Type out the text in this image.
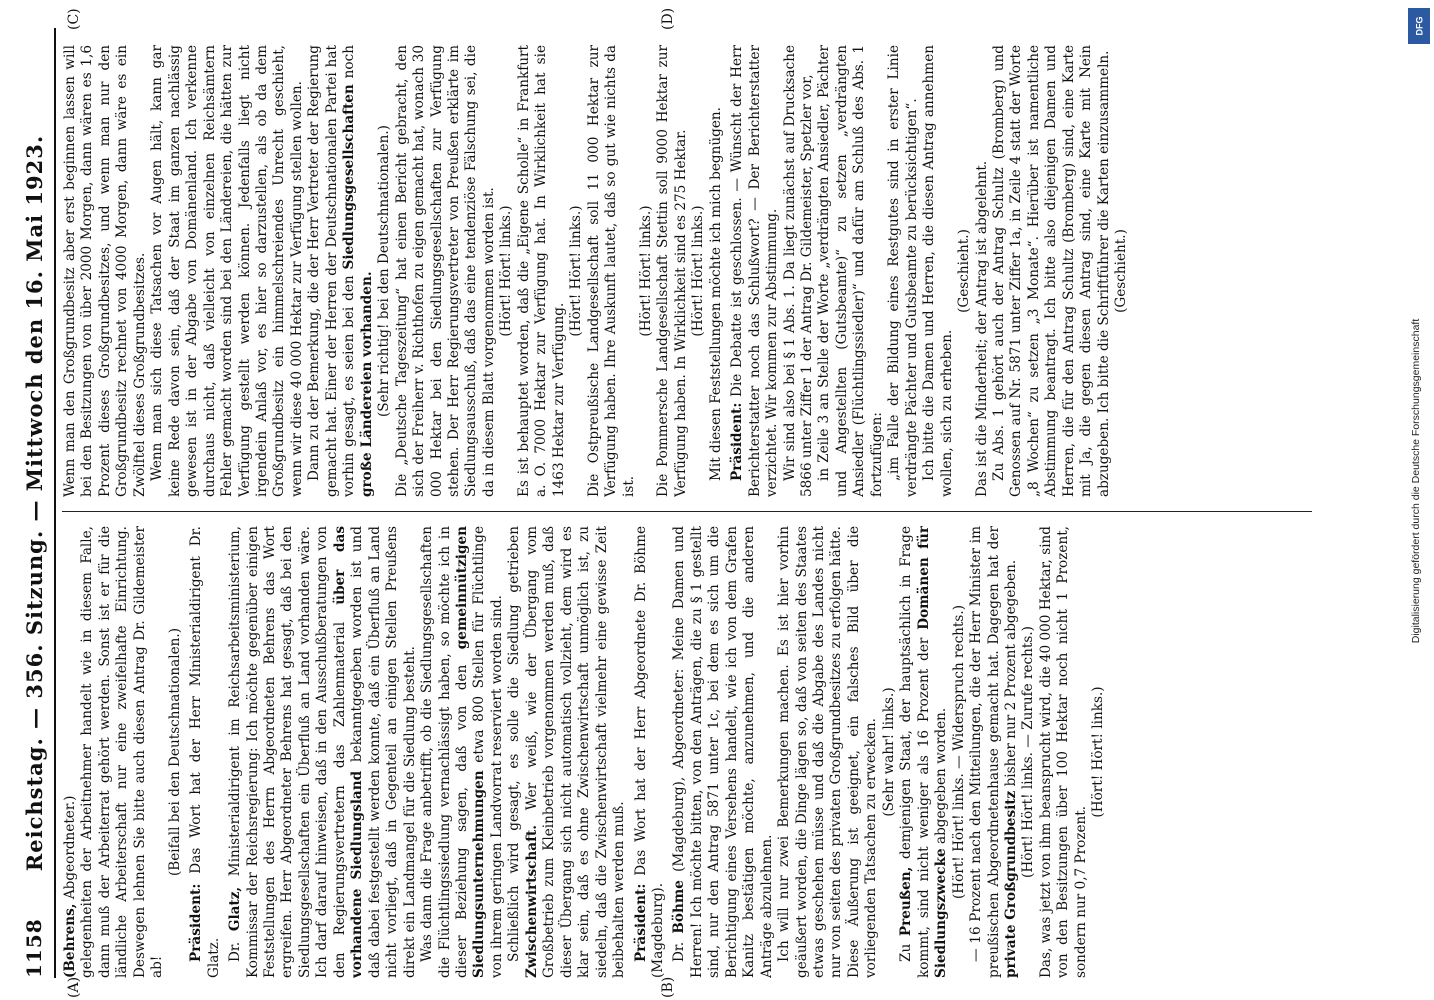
1158
Reichstag. — 356. Sitzung. — Mittwoch den 16. Mai 1923.

(Behrens, Abgeordneter.) gelegenheiten der Arbeitnehmer handelt wie in diesem Falle, dann muß der Arbeiterrat gehört werden. Sonst ist er für die ländliche Arbeiterschaft nur eine zweifelhafte Einrichtung. Deswegen lehnen Sie bitte auch diesen Antrag Dr. Gildemeister ab!

(Beifall bei den Deutschnationalen.)

Präsident: Das Wort hat der Herr Ministerialdirigent Dr. Glatz. Dr. Glatz, Ministerialdirigent im Reichsarbeitsministerium, Kommissar der Reichsregierung: Ich möchte gegenüber einigen Feststellungen des Herrn Abgeordneten Behrens das Wort ergreifen. Herr Abgeordneter Behrens hat gesagt, daß bei den Siedlungsgesellschaften ein Überfluß an Land vorhanden wäre. Ich darf darauf hinweisen, daß in den Ausschußberatungen von den Regierungsvertretern das Zahlenmaterial über das vorhandene Siedlungsland bekanntgegeben worden ist und daß dabei festgestellt werden konnte, daß ein Überfluß an Land nicht vorliegt, daß in Gegenteil an einigen Stellen Preußens direkt ein Landmangel für die Siedlung besteht. Was dann die Frage anbetrifft, ob die Siedlungsgesellschaften die Flüchtlingssiedlung vernachlässigt haben, so möchte ich in dieser Beziehung sagen, daß von den gemeinnützigen Siedlungsunternehmungen etwa 800 Stellen für Flüchtlinge von ihrem geringen Landvorrat reserviert worden sind. Schließlich wird gesagt, es solle die Siedlung getrieben Zwischenwirtschaft. Wer weiß, wie der Übergang vom Großbetrieb zum Kleinbetrieb vorgenommen werden muß, daß dieser Übergang sich nicht automatisch vollzieht, dem wird es klar sein, daß es ohne Zwischenwirtschaft unmöglich ist, zu siedeln, daß die Zwischenwirtschaft vielmehr eine gewisse Zeit beibehalten werden muß. Präsident: Das Wort hat der Herr Abgeordnete Dr. Böhme (Magdeburg). Dr. Böhme (Magdeburg), Abgeordneter: Meine Damen und Herren! Ich möchte bitten, von den Anträgen, die zu § 1 gestellt sind, nur den Antrag 5871 unter 1c, bei dem es sich um die Berichtigung eines Versehens handelt, wie ich von dem Grafen Kanitz bestätigen möchte, anzunehmen, und die anderen Anträge abzulehnen. Ich will nur zwei Bemerkungen machen. Es ist hier vorhin geäußert worden, die Dinge lägen so, daß von seiten des Staates etwas geschehen müsse und daß die Abgabe des Landes nicht nur von seiten des privaten Großgrundbesitzes zu erfolgen hätte. Diese Äußerung ist geeignet, ein falsches Bild über die vorliegenden Tatsachen zu erwecken. (Sehr wahr! links.)

Zu Preußen, demjenigen Staat, der hauptsächlich in Frage kommt, sind nicht weniger als 16 Prozent der Domänen für Siedlungszwecke abgegeben worden. (Hört! Hört! links. — Widerspruch rechts.) — 16 Prozent nach den Mitteilungen, die der Herr Minister im preußischen Abgeordnetenhause gemacht hat. Dagegen hat der private Großgrundbesitz bisher nur 2 Prozent abgegeben. (Hört! Hört! links. — Zurufe rechts.) Das, was jetzt von ihm beansprucht wird, die 40 000 Hektar, sind von den Besitzungen über 100 Hektar noch nicht 1 Prozent, sondern nur 0,7 Prozent.

(Hört! Hört! links.)

Wenn man den Großgrundbesitz aber erst beginnen lassen will bei den Besitzungen von über 2000 Morgen, dann wären es 1,6 Prozent dieses Großgrundbesitzes, und wenn man nur den Großgrundbesitz rechnet von 4000 Morgen, dann wäre es ein Zwölftel dieses Großgrundbesitzes. Wenn man sich diese Tatsachen vor Augen hält, kann gar keine Rede davon sein, daß der Staat im ganzen nachlässig gewesen ist in der Abgabe von Domänenland. Ich verkenne durchaus nicht, daß vielleicht von einzelnen Reichsämtern Fehler gemacht worden sind bei den Ländereien, die hätten zur Verfügung gestellt werden können. Jedenfalls liegt nicht irgendein Anlaß vor, es hier so darzustellen, als ob da dem Großgrundbesitz ein himmelschreiendes Unrecht geschieht, wenn wir diese 40 000 Hektar zur Verfügung stellen wollen. Dann zu der Bemerkung, die der Herr Vertreter der Regierung gemacht hat. Einer der Herren der Deutschnationalen Partei hat vorhin gesagt, es seien bei den Siedlungsgesellschaften noch große Ländereien vorhanden. (Sehr richtig! bei den Deutschnationalen.) Die „Deutsche Tageszeitung“ hat einen Bericht gebracht, den sich der Freiherr v. Richthofen zu eigen gemacht hat, wonach 30 000 Hektar bei den Siedlungsgesellschaften zur Verfügung stehen. Der Herr Regierungsvertreter von Preußen erklärte im Siedlungsausschuß, daß das eine tendenziöse Fälschung sei, die da in diesem Blatt vorgenommen worden ist. (Hört! Hört! links.) Es ist behauptet worden, daß die „Eigene Scholle“ in Frankfurt a. O. 7000 Hektar zur Verfügung hat. In Wirklichkeit hat sie 1463 Hektar zur Verfügung.

(Hört! Hört! links.) Die Ostpreußische Landgesellschaft soll 11 000 Hektar zur Verfügung haben. Ihre Auskunft lautet, daß so gut wie nichts da ist.

(Hört! Hört! links.) Die Pommersche Landgesellschaft Stettin soll 9000 Hektar zur Verfügung haben. In Wirklichkeit sind es 275 Hektar. (Hört! Hört! links.) Mit diesen Feststellungen möchte ich mich begnügen. Präsident: Die Debatte ist geschlossen. — Wünscht der Herr Berichterstatter noch das Schlußwort? — Der Berichterstatter verzichtet. Wir kommen zur Abstimmung. Wir sind also bei § 1 Abs. 1. Da liegt zunächst auf Drucksache 5866 unter Ziffer 1 der Antrag Dr. Gildemeister, Spetzler vor, in Zeile 3 an Stelle der Worte „verdrängten Ansiedler, Pächter und Angestellten (Gutsbeamte)“ zu setzen „verdrängten Ansiedler (Flüchtlingssiedler)“ und dafür am Schluß des Abs. 1 fortzufügen: „im Falle der Bildung eines Restgutes sind in erster Linie verdrängte Pächter und Gutsbeamte zu berücksichtigen“. Ich bitte die Damen und Herren, die diesen Antrag annehmen wollen, sich zu erheben.

(Geschieht.) Das ist die Minderheit; der Antrag ist abgelehnt. Zu Abs. 1 gehört auch der Antrag Schultz (Bromberg) und Genossen auf Nr. 5871 unter Ziffer 1a, in Zeile 4 statt der Worte „8 Wochen“ zu setzen „3 Monate“. Hierüber ist namentliche Abstimmung beantragt. Ich bitte also diejenigen Damen und Herren, die für den Antrag Schultz (Bromberg) sind, eine Karte mit Ja, die gegen diesen Antrag sind, eine Karte mit Nein abzugeben. Ich bitte die Schriftführer die Karten einzusammeln. (Geschieht.)

(A)	(B)
(C)	(D)	DFG
Digitalisierung gefördert durch die Deutsche Forschungsgemeinschaft
